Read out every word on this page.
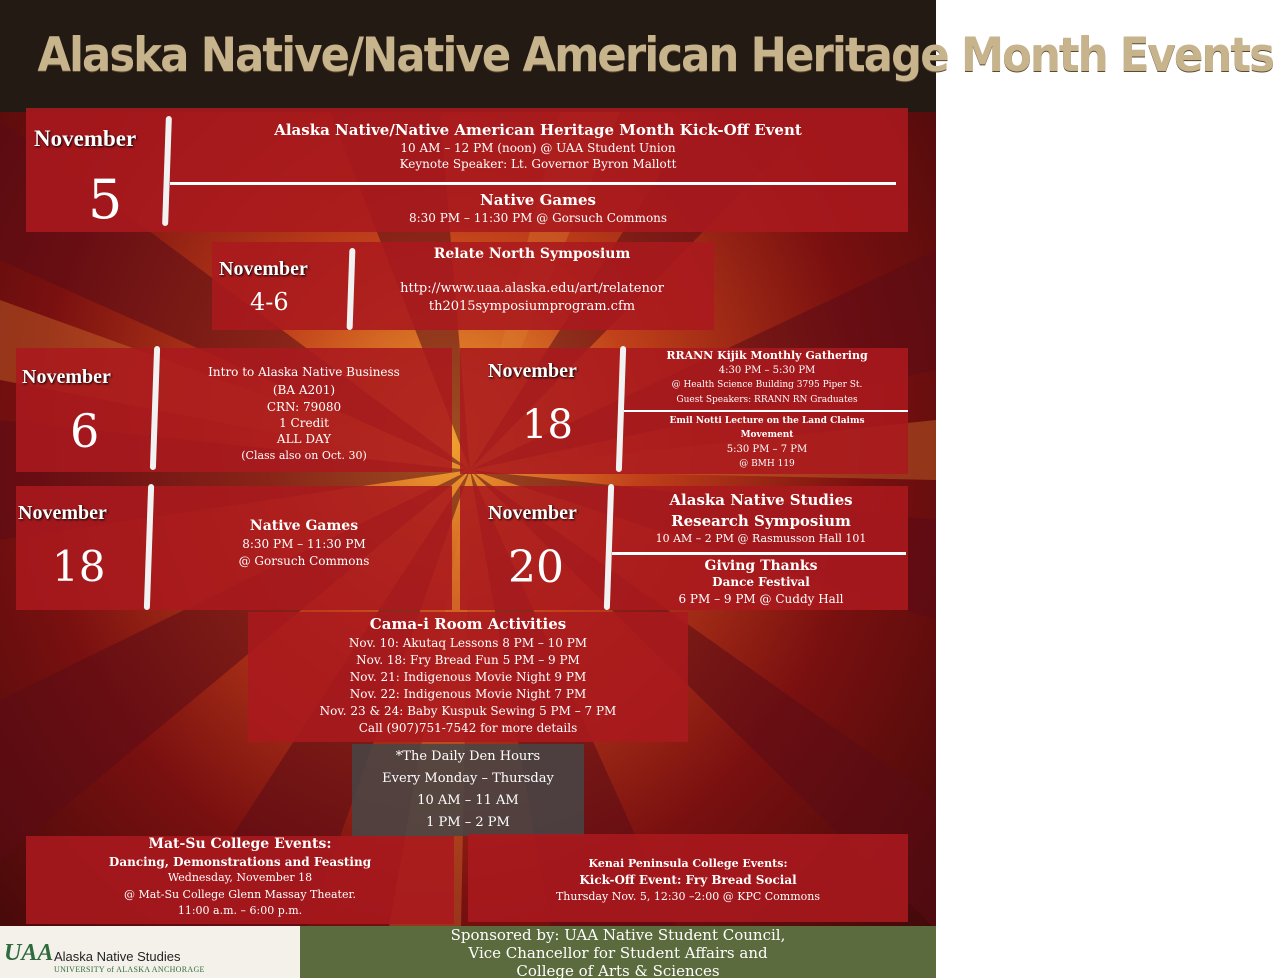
Alaska Native/Native American Heritage Month Events
November
5
Alaska Native/Native American Heritage Month Kick-Off Event
10 AM – 12 PM (noon) @ UAA Student Union
Keynote Speaker: Lt. Governor Byron Mallott
Native Games
8:30 PM – 11:30 PM @ Gorsuch Commons
November
4-6
Relate North Symposium
http://www.uaa.alaska.edu/art/relatenor
th2015symposiumprogram.cfm
November
6
Intro to Alaska Native Business
(BA A201)
CRN: 79080
1 Credit
ALL DAY
(Class also on Oct. 30)
November
18
RRANN Kijik Monthly Gathering
4:30 PM – 5:30 PM
@ Health Science Building 3795 Piper St.
Guest Speakers: RRANN RN Graduates
Emil Notti Lecture on the Land Claims
Movement
5:30 PM – 7 PM
@ BMH 119
November
18
Native Games
8:30 PM – 11:30 PM
@ Gorsuch Commons
November
20
Alaska Native Studies
Research Symposium
10 AM – 2 PM @ Rasmusson Hall 101
Giving Thanks
Dance Festival
6 PM – 9 PM @ Cuddy Hall
Cama-i Room Activities
Nov. 10: Akutaq Lessons 8 PM – 10 PM
Nov. 18: Fry Bread Fun 5 PM – 9 PM
Nov. 21: Indigenous Movie Night 9 PM
Nov. 22: Indigenous Movie Night 7 PM
Nov. 23 & 24: Baby Kuspuk Sewing 5 PM – 7 PM
Call (907)751-7542 for more details
*The Daily Den Hours
Every Monday – Thursday
10 AM – 11 AM
1 PM – 2 PM
Mat-Su College Events:
Dancing, Demonstrations and Feasting
Wednesday, November 18
@ Mat-Su College Glenn Massay Theater.
11:00 a.m. – 6:00 p.m.
Kenai Peninsula College Events:
Kick-Off Event: Fry Bread Social
Thursday Nov. 5, 12:30 –2:00 @ KPC Commons
UAA Alaska Native Studies
UNIVERSITY of ALASKA ANCHORAGE
Sponsored by: UAA Native Student Council,
Vice Chancellor for Student Affairs and
College of Arts & Sciences
